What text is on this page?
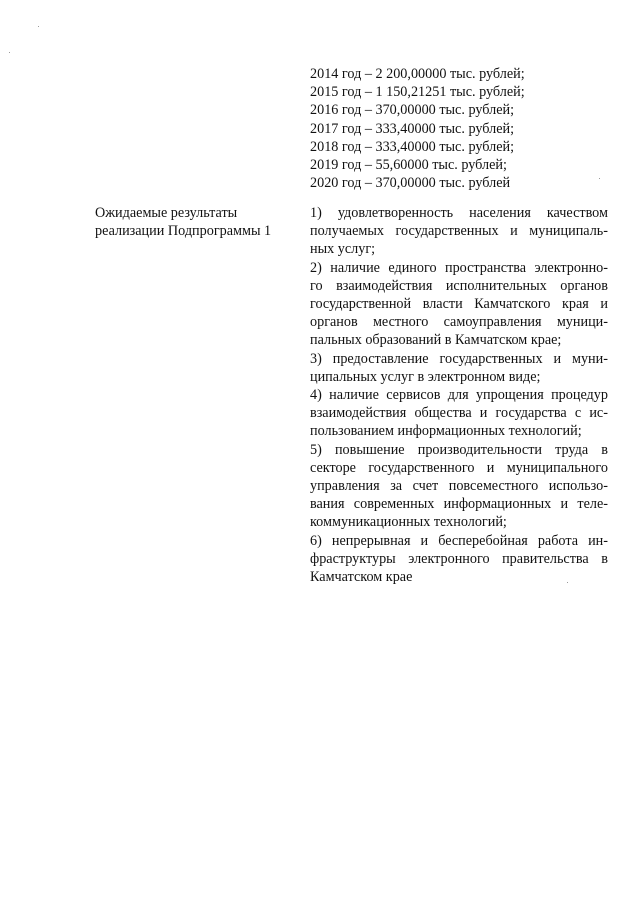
2014 год – 2 200,00000 тыс. рублей;
2015 год – 1 150,21251 тыс. рублей;
2016 год – 370,00000 тыс. рублей;
2017 год – 333,40000 тыс. рублей;
2018 год – 333,40000 тыс. рублей;
2019 год – 55,60000 тыс. рублей;
2020 год – 370,00000 тыс. рублей
Ожидаемые результаты
реализации Подпрограммы 1
1) удовлетворенность населения качеством
получаемых государственных и муниципаль-
ных услуг;
2) наличие единого пространства электронно-
го взаимодействия исполнительных органов
государственной власти Камчатского края и
органов местного самоуправления муници-
пальных образований в Камчатском крае;
3) предоставление государственных и муни-
ципальных услуг в электронном виде;
4) наличие сервисов для упрощения процедур
взаимодействия общества и государства с ис-
пользованием информационных технологий;
5) повышение производительности труда в
секторе государственного и муниципального
управления за счет повсеместного использо-
вания современных информационных и теле-
коммуникационных технологий;
6) непрерывная и бесперебойная работа ин-
фраструктуры электронного правительства в
Камчатском крае
